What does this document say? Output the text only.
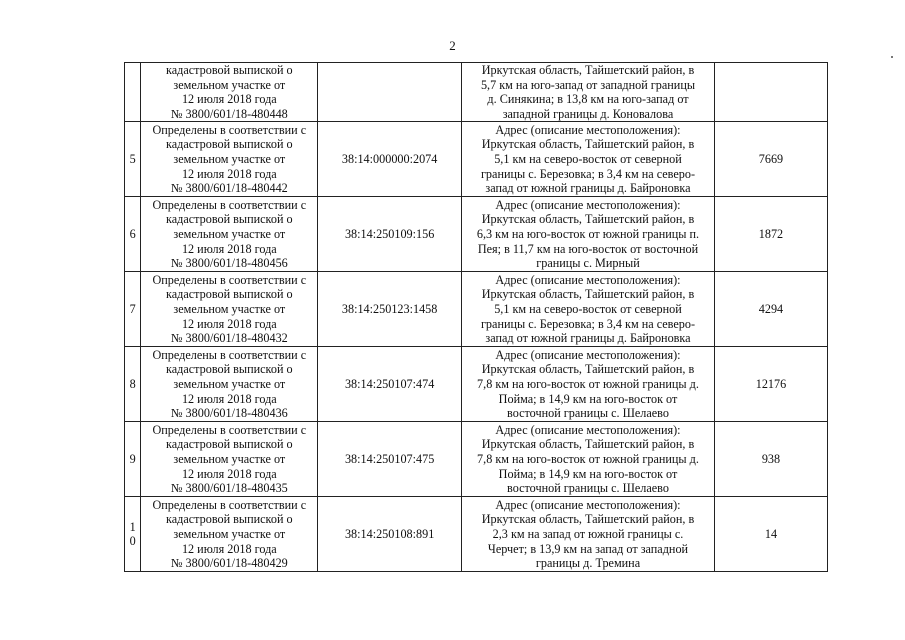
2

	кадастровой выпиской о
земельном участке от
12 июля 2018 года
№ 3800/601/18-480448		Иркутская область, Тайшетский район, в
5,7 км на юго-запад от западной границы
д. Синякина; в 13,8 км на юго-запад от
западной границы д. Коновалова	

5	Определены в соответствии с
кадастровой выпиской о
земельном участке от
12 июля 2018 года
№ 3800/601/18-480442	38:14:000000:2074	Адрес (описание местоположения):
Иркутская область, Тайшетский район, в
5,1 км на северо-восток от северной
границы с. Березовка; в 3,4 км на северо-
запад от южной границы д. Байроновка	7669
6	Определены в соответствии с
кадастровой выпиской о
земельном участке от
12 июля 2018 года
№ 3800/601/18-480456	38:14:250109:156	Адрес (описание местоположения):
Иркутская область, Тайшетский район, в
6,3 км на юго-восток от южной границы п.
Пея; в 11,7 км на юго-восток от восточной
границы с. Мирный	1872
7	Определены в соответствии с
кадастровой выпиской о
земельном участке от
12 июля 2018 года
№ 3800/601/18-480432	38:14:250123:1458	Адрес (описание местоположения):
Иркутская область, Тайшетский район, в
5,1 км на северо-восток от северной
границы с. Березовка; в 3,4 км на северо-
запад от южной границы д. Байроновка	4294
8	Определены в соответствии с
кадастровой выпиской о
земельном участке от
12 июля 2018 года
№ 3800/601/18-480436	38:14:250107:474	Адрес (описание местоположения):
Иркутская область, Тайшетский район, в
7,8 км на юго-восток от южной границы д.
Пойма; в 14,9 км на юго-восток от
восточной границы с. Шелаево	12176
9	Определены в соответствии с
кадастровой выпиской о
земельном участке от
12 июля 2018 года
№ 3800/601/18-480435	38:14:250107:475	Адрес (описание местоположения):
Иркутская область, Тайшетский район, в
7,8 км на юго-восток от южной границы д.
Пойма; в 14,9 км на юго-восток от
восточной границы с. Шелаево	938
10	Определены в соответствии с
кадастровой выпиской о
земельном участке от
12 июля 2018 года
№ 3800/601/18-480429	38:14:250108:891	Адрес (описание местоположения):
Иркутская область, Тайшетский район, в
2,3 км на запад от южной границы с.
Черчет; в 13,9 км на запад от западной
границы д. Тремина	14
